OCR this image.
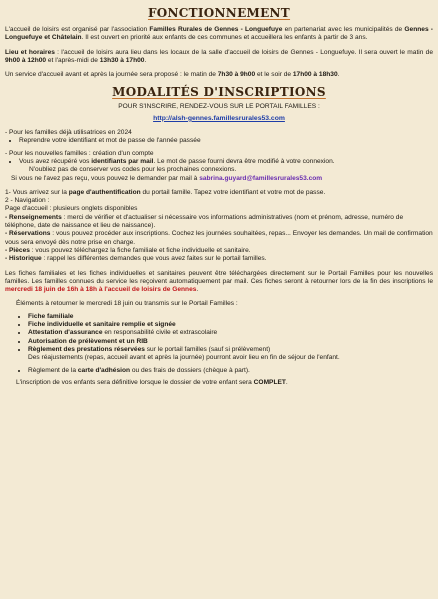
FONCTIONNEMENT

L'accueil de loisirs est organisé par l'association Familles Rurales de Gennes - Longuefuye en partenariat avec les municipalités de Gennes - Longuefuye et Châtelain. Il est ouvert en priorité aux enfants de ces communes et accueillera les enfants à partir de 3 ans.

Lieu et horaires : l'accueil de loisirs aura lieu dans les locaux de la salle d'accueil de loisirs de Gennes - Longuefuye. Il sera ouvert le matin de 9h00 à 12h00 et l'après-midi de 13h30 à 17h00.

Un service d'accueil avant et après la journée sera proposé : le matin de 7h30 à 9h00 et le soir de 17h00 à 18h30.

MODALITÉS D'INSCRIPTIONS

POUR S'INSCRIRE, RENDEZ-VOUS SUR LE PORTAIL FAMILLES :

http://alsh-gennes.famillesrurales53.com

- Pour les familles déjà utilisatrices en 2024

• Reprendre votre identifiant et mot de passe de l'année passée

- Pour les nouvelles familles : création d'un compte

• Vous avez récupéré vos identifiants par mail. Le mot de passe fourni devra être modifié à votre connexion.

N'oubliez pas de conserver vos codes pour les prochaines connexions.

Si vous ne l'avez pas reçu, vous pouvez le demander par mail à sabrina.guyard@famillesrurales53.com

1- Vous arrivez sur la page d'authentification du portail famille. Tapez votre identifiant et votre mot de passe.

2 - Navigation :

Page d'accueil : plusieurs onglets disponibles

- Renseignements : merci de vérifier et d'actualiser si nécessaire vos informations administratives (nom et prénom, adresse, numéro de téléphone, date de naissance et lieu de naissance).

- Réservations : vous pouvez procéder aux inscriptions. Cochez les journées souhaitées, repas... Envoyer les demandes. Un mail de confirmation vous sera envoyé dès notre prise en charge.

- Pièces : vous pouvez téléchargez la fiche familiale et fiche individuelle et sanitaire.

- Historique : rappel les différentes demandes que vous avez faites sur le portail familles.

Les fiches familiales et les fiches individuelles et sanitaires peuvent être téléchargées directement sur le Portail Familles pour les nouvelles familles. Les familles connues du service les reçoivent automatiquement par mail. Ces fiches seront à retourner lors de la fin des inscriptions le mercredi 18 juin de 16h à 18h à l'accueil de loisirs de Gennes.

Éléments à retourner le mercredi 18 juin ou transmis sur le Portail Familles :

• Fiche familiale
• Fiche individuelle et sanitaire remplie et signée
• Attestation d'assurance en responsabilité civile et extrascolaire
• Autorisation de prélèvement et un RIB
• Règlement des prestations réservées sur le portail familles (sauf si prélèvement)

Des réajustements (repas, accueil avant et après la journée) pourront avoir lieu en fin de séjour de l'enfant.

• Règlement de la carte d'adhésion ou des frais de dossiers (chèque à part).

L'inscription de vos enfants sera définitive lorsque le dossier de votre enfant sera COMPLET.
